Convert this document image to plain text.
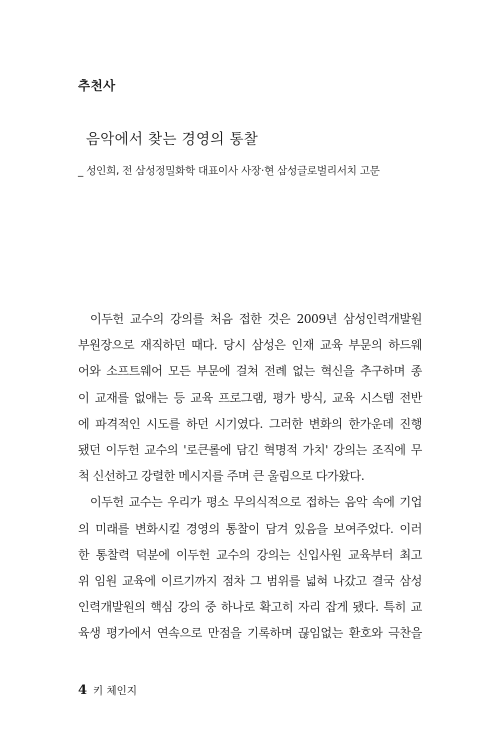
추천사
음악에서 찾는 경영의 통찰
_ 성인희, 전 삼성정밀화학 대표이사 사장·현 삼성글로벌리서치 고문
이두헌 교수의 강의를 처음 접한 것은 2009년 삼성인력개발원
부원장으로 재직하던 때다. 당시 삼성은 인재 교육 부문의 하드웨
어와 소프트웨어 모든 부문에 걸쳐 전례 없는 혁신을 추구하며 종
이 교재를 없애는 등 교육 프로그램, 평가 방식, 교육 시스템 전반
에 파격적인 시도를 하던 시기였다. 그러한 변화의 한가운데 진행
됐던 이두헌 교수의 '로큰롤에 담긴 혁명적 가치' 강의는 조직에 무
척 신선하고 강렬한 메시지를 주며 큰 울림으로 다가왔다.
이두헌 교수는 우리가 평소 무의식적으로 접하는 음악 속에 기업
의 미래를 변화시킬 경영의 통찰이 담겨 있음을 보여주었다. 이러
한 통찰력 덕분에 이두헌 교수의 강의는 신입사원 교육부터 최고
위 임원 교육에 이르기까지 점차 그 범위를 넓혀 나갔고 결국 삼성
인력개발원의 핵심 강의 중 하나로 확고히 자리 잡게 됐다. 특히 교
육생 평가에서 연속으로 만점을 기록하며 끊임없는 환호와 극찬을
4 키 체인지
